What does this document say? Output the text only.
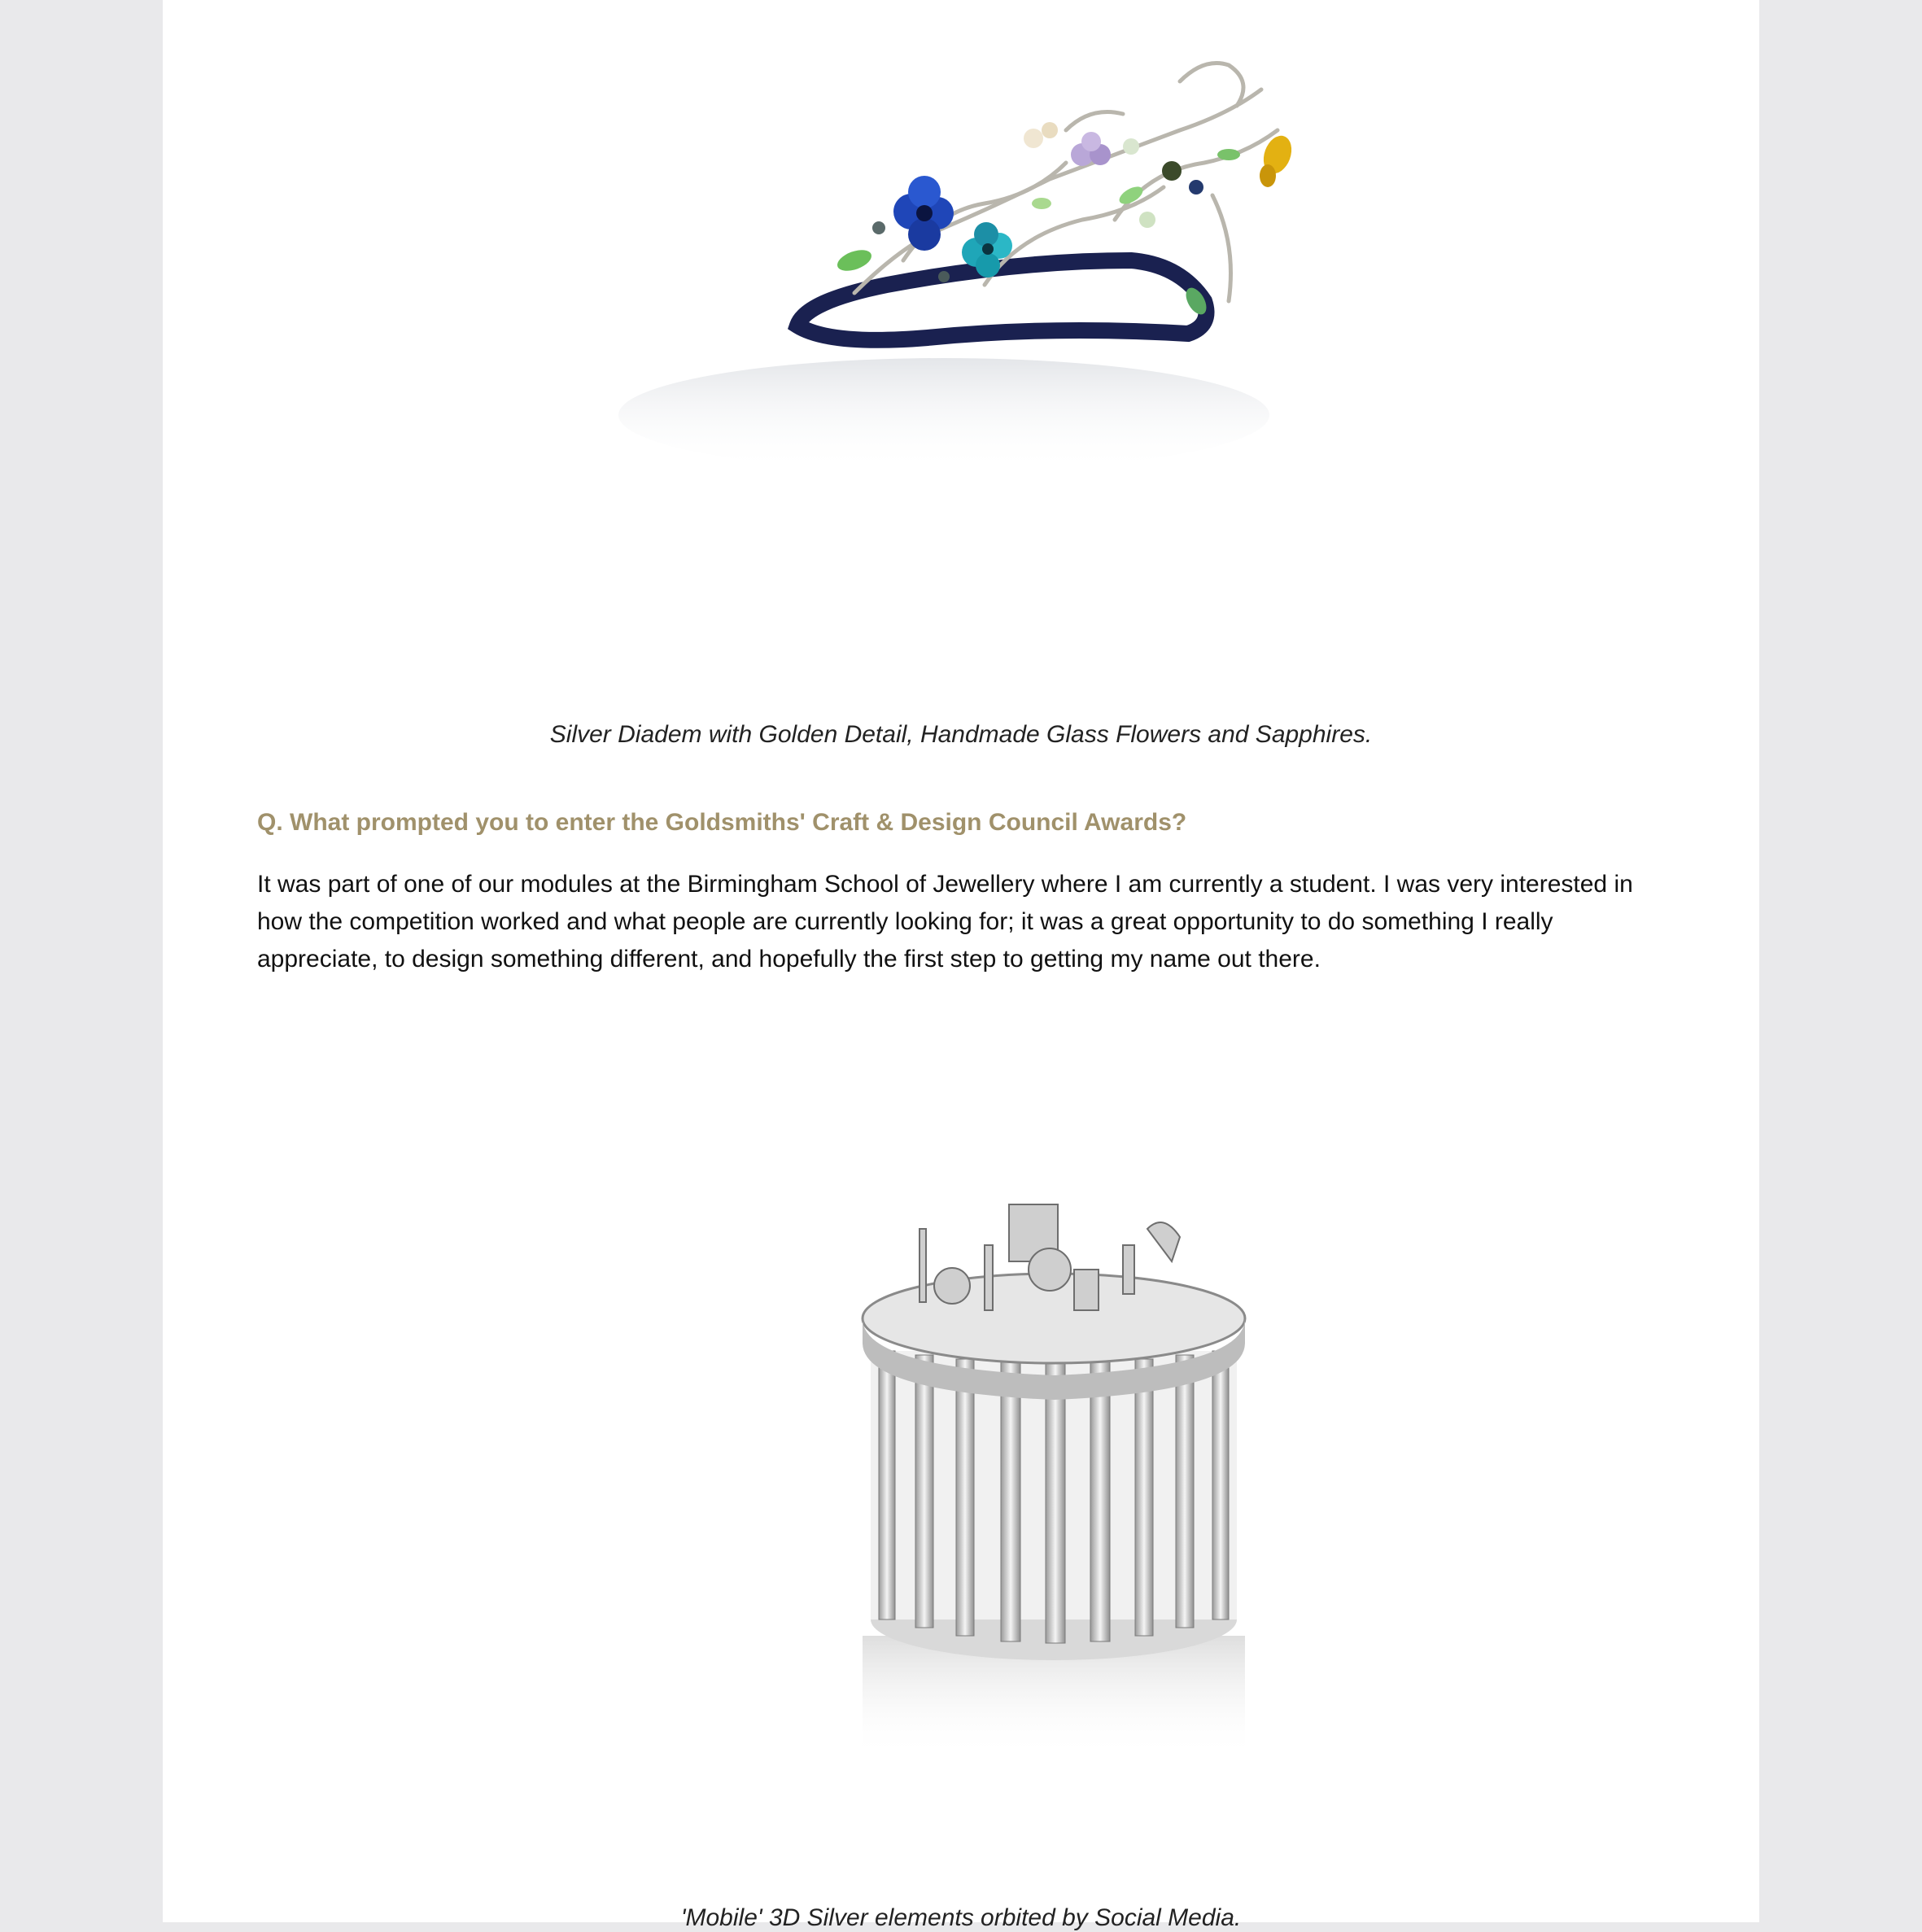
Silver Diadem with Golden Detail, Handmade Glass Flowers and Sapphires.
Q. What prompted you to enter the Goldsmiths' Craft & Design Council Awards?
It was part of one of our modules at the Birmingham School of Jewellery where I am currently a student. I was very interested in how the competition worked and what people are currently looking for; it was a great opportunity to do something I really appreciate, to design something different, and hopefully the first step to getting my name out there.
'Mobile' 3D Silver elements orbited by Social Media.
